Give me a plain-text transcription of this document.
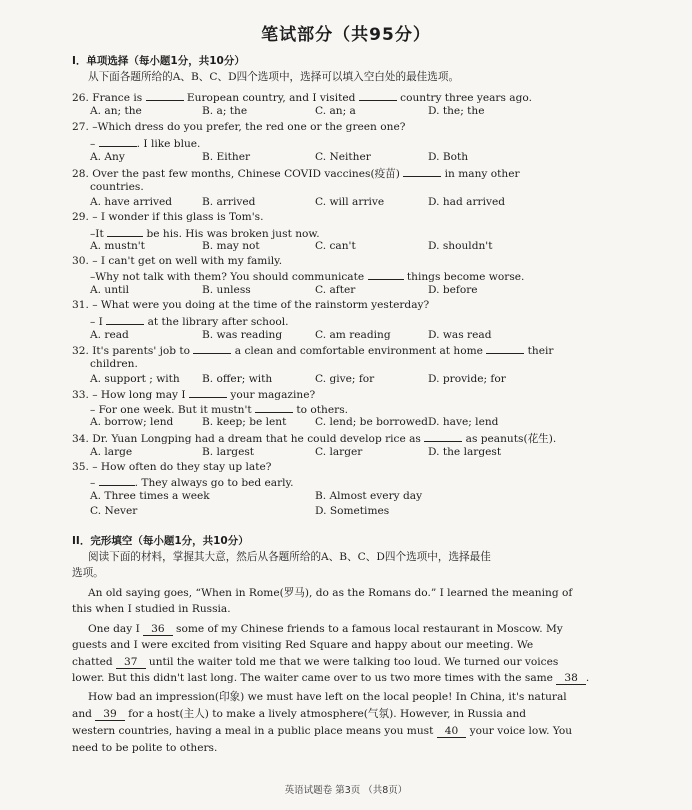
笔试部分（共95分）
I．单项选择（每小题1分，共10分）
从下面各题所给的A、B、C、D四个选项中，选择可以填入空白处的最佳选项。
26. France is	European country, and I visited	country three years ago.
A. an; the	B. a; the	C. an; a	D. the; the
27. –Which dress do you prefer, the red one or the green one?
–	. I like blue.
A. Any	B. Either	C. Neither	D. Both
28. Over the past few months, Chinese COVID vaccines(疫苗)	in many other
countries.
A. have arrived	B. arrived	C. will arrive	D. had arrived
29. – I wonder if this glass is Tom's.
–It	be his. His was broken just now.
A. mustn't	B. may not	C. can't	D. shouldn't
30. – I can't get on well with my family.
–Why not talk with them? You should communicate	things become worse.
A. until	B. unless	C. after	D. before
31. – What were you doing at the time of the rainstorm yesterday?
– I	at the library after school.
A. read	B. was reading	C. am reading	D. was read
32. It's parents' job to	a clean and comfortable environment at home	their
children.
A. support ; with B. offer; with	C. give; for	D. provide; for
33. – How long may I	your magazine?
– For one week. But it mustn't	to others.
A. borrow; lend	B. keep; be lent	C. lend; be borrowed D. have; lend
34. Dr. Yuan Longping had a dream that he could develop rice as	as peanuts(花生).
A. large	B. largest	C. larger	D. the largest
35. – How often do they stay up late?
–	. They always go to bed early.
A. Three times a week	B. Almost every day
C. Never	D. Sometimes
II．完形填空（每小题1分，共10分）
阅读下面的材料，掌握其大意，然后从各题所给的A、B、C、D四个选项中，选择最佳
选项。
An old saying goes, “When in Rome(罗马), do as the Romans do.” I learned the meaning of
this when I studied in Russia.
One day I 36 some of my Chinese friends to a famous local restaurant in Moscow. My
guests and I were excited from visiting Red Square and happy about our meeting. We
chatted 37 until the waiter told me that we were talking too loud. We turned our voices
lower. But this didn't last long. The waiter came over to us two more times with the same 38 .
How bad an impression(印象) we must have left on the local people! In China, it's natural
and 39 for a host(主人) to make a lively atmosphere(气氛). However, in Russia and
western countries, having a meal in a public place means you must 40 your voice low. You
need to be polite to others.
英语试题卷 第3页 （共8页）
